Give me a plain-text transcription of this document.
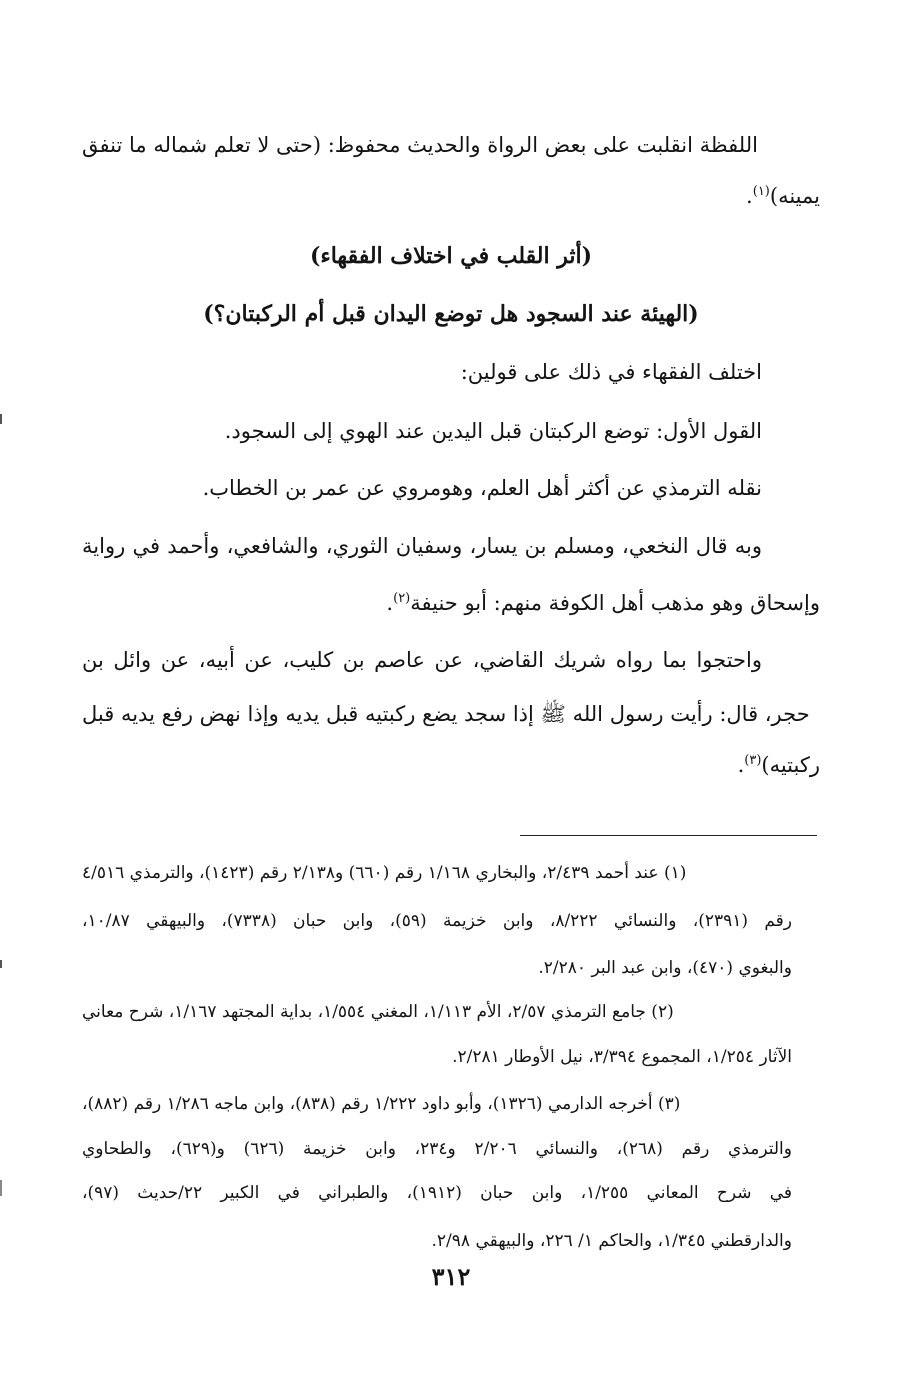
اللفظة انقلبت على بعض الرواة والحديث محفوظ: (حتى لا تعلم شماله ما تنفق

يمينه)$^{(١)}$.

(أثر القلب في اختلاف الفقهاء)

(الهيئة عند السجود هل توضع اليدان قبل أم الركبتان؟)

اختلف الفقهاء في ذلك على قولين:

القول الأول: توضع الركبتان قبل اليدين عند الهوي إلى السجود.

نقله الترمذي عن أكثر أهل العلم، وهومروي عن عمر بن الخطاب.

وبه قال النخعي، ومسلم بن يسار، وسفيان الثوري، والشافعي، وأحمد في رواية

وإسحاق وهو مذهب أهل الكوفة منهم: أبو حنيفة$^{(٢)}$.

واحتجوا بما رواه شريك القاضي، عن عاصم بن كليب، عن أبيه، عن وائل بن

حجر، قال: رأيت رسول الله ﷺ إذا سجد يضع ركبتيه قبل يديه وإذا نهض رفع يديه قبل

ركبتيه)$^{(٣)}$.

(١) عند أحمد ٢/٤٣٩، والبخاري ١/١٦٨ رقم (٦٦٠) و٢/١٣٨ رقم (١٤٢٣)، والترمذي ٤/٥١٦

رقم (٢٣٩١)، والنسائي ٨/٢٢٢، وابن خزيمة (٥٩)، وابن حبان (٧٣٣٨)، والبيهقي ١٠/٨٧،

والبغوي (٤٧٠)، وابن عبد البر ٢/٢٨٠.

(٢) جامع الترمذي ٢/٥٧، الأم ١/١١٣، المغني ١/٥٥٤، بداية المجتهد ١/١٦٧، شرح معاني

الآثار ١/٢٥٤، المجموع ٣/٣٩٤، نيل الأوطار ٢/٢٨١.

(٣) أخرجه الدارمي (١٣٢٦)، وأبو داود ١/٢٢٢ رقم (٨٣٨)، وابن ماجه ١/٢٨٦ رقم (٨٨٢)،

والترمذي رقم (٢٦٨)، والنسائي ٢/٢٠٦ و٢٣٤، وابن خزيمة (٦٢٦) و(٦٢٩)، والطحاوي

في شرح المعاني ١/٢٥٥، وابن حبان (١٩١٢)، والطبراني في الكبير ٢٢/حديث (٩٧)،

والدارقطني ١/٣٤٥، والحاكم ١/ ٢٢٦، والبيهقي ٢/٩٨.

٣١٢
